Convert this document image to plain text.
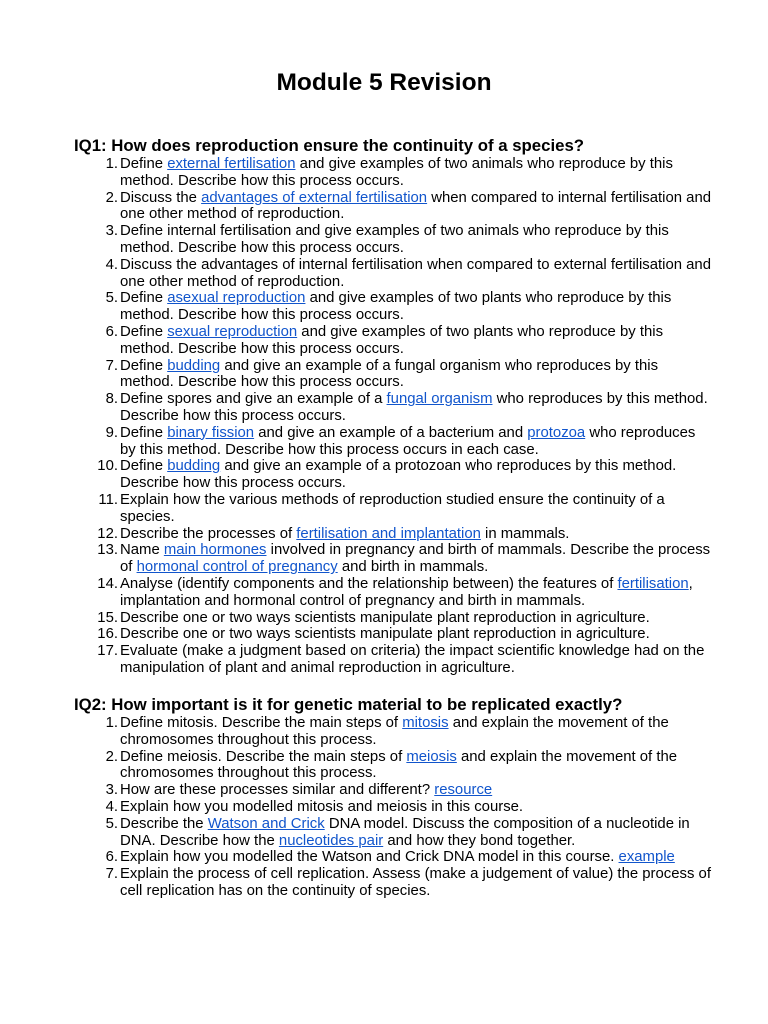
Module 5 Revision
IQ1: How does reproduction ensure the continuity of a species?
1. Define external fertilisation and give examples of two animals who reproduce by this method. Describe how this process occurs.
2. Discuss the advantages of external fertilisation when compared to internal fertilisation and one other method of reproduction.
3. Define internal fertilisation and give examples of two animals who reproduce by this method. Describe how this process occurs.
4. Discuss the advantages of internal fertilisation when compared to external fertilisation and one other method of reproduction.
5. Define asexual reproduction and give examples of two plants who reproduce by this method. Describe how this process occurs.
6. Define sexual reproduction and give examples of two plants who reproduce by this method. Describe how this process occurs.
7. Define budding and give an example of a fungal organism who reproduces by this method. Describe how this process occurs.
8. Define spores and give an example of a fungal organism who reproduces by this method. Describe how this process occurs.
9. Define binary fission and give an example of a bacterium and protozoa who reproduces by this method. Describe how this process occurs in each case.
10. Define budding and give an example of a protozoan who reproduces by this method. Describe how this process occurs.
11. Explain how the various methods of reproduction studied ensure the continuity of a species.
12. Describe the processes of fertilisation and implantation in mammals.
13. Name main hormones involved in pregnancy and birth of mammals. Describe the process of hormonal control of pregnancy and birth in mammals.
14. Analyse (identify components and the relationship between) the features of fertilisation, implantation and hormonal control of pregnancy and birth in mammals.
15. Describe one or two ways scientists manipulate plant reproduction in agriculture.
16. Describe one or two ways scientists manipulate plant reproduction in agriculture.
17. Evaluate (make a judgment based on criteria) the impact scientific knowledge had on the manipulation of plant and animal reproduction in agriculture.
IQ2: How important is it for genetic material to be replicated exactly?
1. Define mitosis. Describe the main steps of mitosis and explain the movement of the chromosomes throughout this process.
2. Define meiosis. Describe the main steps of meiosis and explain the movement of the chromosomes throughout this process.
3. How are these processes similar and different? resource
4. Explain how you modelled mitosis and meiosis in this course.
5. Describe the Watson and Crick DNA model. Discuss the composition of a nucleotide in DNA. Describe how the nucleotides pair and how they bond together.
6. Explain how you modelled the Watson and Crick DNA model in this course. example
7. Explain the process of cell replication. Assess (make a judgement of value) the process of cell replication has on the continuity of species.
